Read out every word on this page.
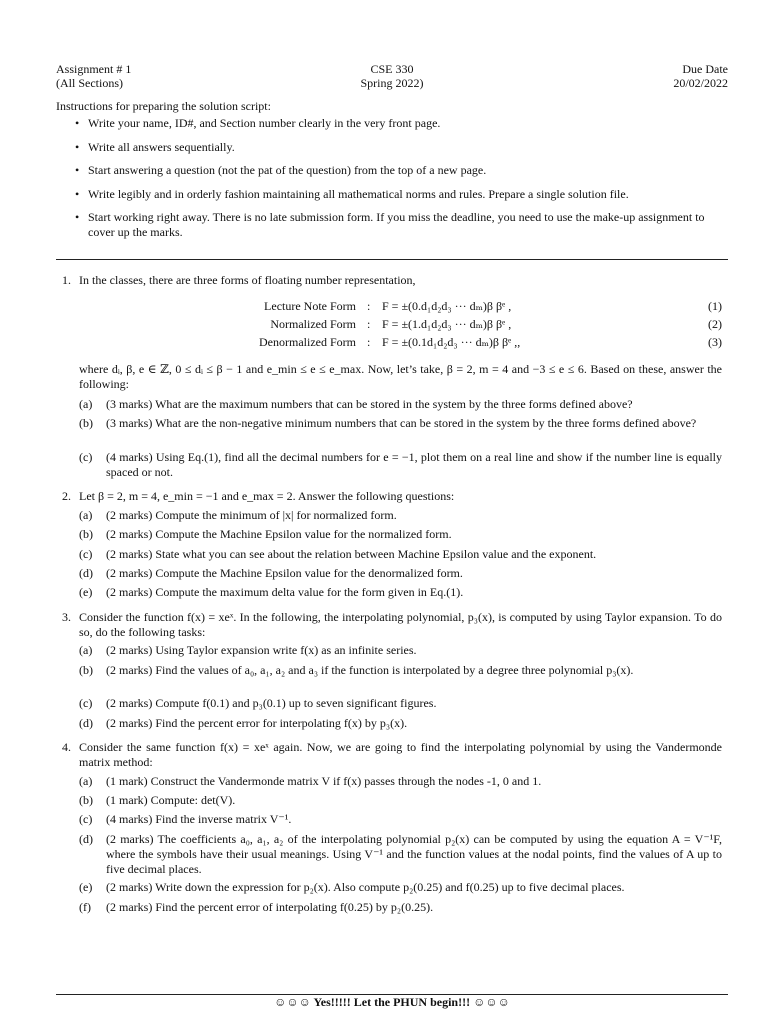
Assignment # 1
(All Sections)
CSE 330
Spring 2022)
Due Date
20/02/2022
Instructions for preparing the solution script:
• Write your name, ID#, and Section number clearly in the very front page.
• Write all answers sequentially.
• Start answering a question (not the pat of the question) from the top of a new page.
• Write legibly and in orderly fashion maintaining all mathematical norms and rules. Prepare a single solution file.
• Start working right away. There is no late submission form. If you miss the deadline, you need to use the make-up assignment to cover up the marks.
1. In the classes, there are three forms of floating number representation,
Lecture Note Form : F = ±(0.d₁d₂d₃ ··· dₘ)β βᵉ ,	(1)
Normalized Form : F = ±(1.d₁d₂d₃ ··· dₘ)β βᵉ ,	(2)
Denormalized Form : F = ±(0.1d₁d₂d₃ ··· dₘ)β βᵉ ,,	(3)
where dᵢ, β, e ∈ ℤ, 0 ≤ dᵢ ≤ β − 1 and e_min ≤ e ≤ e_max. Now, let’s take, β = 2, m = 4 and −3 ≤ e ≤ 6. Based on these, answer the following:
(a)	(3 marks) What are the maximum numbers that can be stored in the system by the three forms defined above?
(b)	(3 marks) What are the non-negative minimum numbers that can be stored in the system by the three forms defined above?
(c)	(4 marks) Using Eq.(1), find all the decimal numbers for e = −1, plot them on a real line and show if the number line is equally spaced or not.
2. Let β = 2, m = 4, e_min = −1 and e_max = 2. Answer the following questions:
(a)	(2 marks) Compute the minimum of |x| for normalized form.
(b)	(2 marks) Compute the Machine Epsilon value for the normalized form.
(c)	(2 marks) State what you can see about the relation between Machine Epsilon value and the exponent.
(d)	(2 marks) Compute the Machine Epsilon value for the denormalized form.
(e)	(2 marks) Compute the maximum delta value for the form given in Eq.(1).
3. Consider the function f(x) = xeˣ. In the following, the interpolating polynomial, p₃(x), is computed by using Taylor expansion. To do so, do the following tasks:
(a)	(2 marks) Using Taylor expansion write f(x) as an infinite series.
(b)	(2 marks) Find the values of a₀, a₁, a₂ and a₃ if the function is interpolated by a degree three polynomial p₃(x).
(c)	(2 marks) Compute f(0.1) and p₃(0.1) up to seven significant figures.
(d)	(2 marks) Find the percent error for interpolating f(x) by p₃(x).
4. Consider the same function f(x) = xeˣ again. Now, we are going to find the interpolating polynomial by using the Vandermonde matrix method:
(a)	(1 mark) Construct the Vandermonde matrix V if f(x) passes through the nodes -1, 0 and 1.
(b)	(1 mark) Compute: det(V).
(c)	(4 marks) Find the inverse matrix V⁻¹.
(d)	(2 marks) The coefficients a₀, a₁, a₂ of the interpolating polynomial p₂(x) can be computed by using the equation A = V⁻¹F, where the symbols have their usual meanings. Using V⁻¹ and the function values at the nodal points, find the values of A up to five decimal places.
(e)	(2 marks) Write down the expression for p₂(x). Also compute p₂(0.25) and f(0.25) up to five decimal places.
(f)	(2 marks) Find the percent error of interpolating f(0.25) by p₂(0.25).
☺☺☺ Yes!!!!! Let the PHUN begin!!! ☺☺☺
